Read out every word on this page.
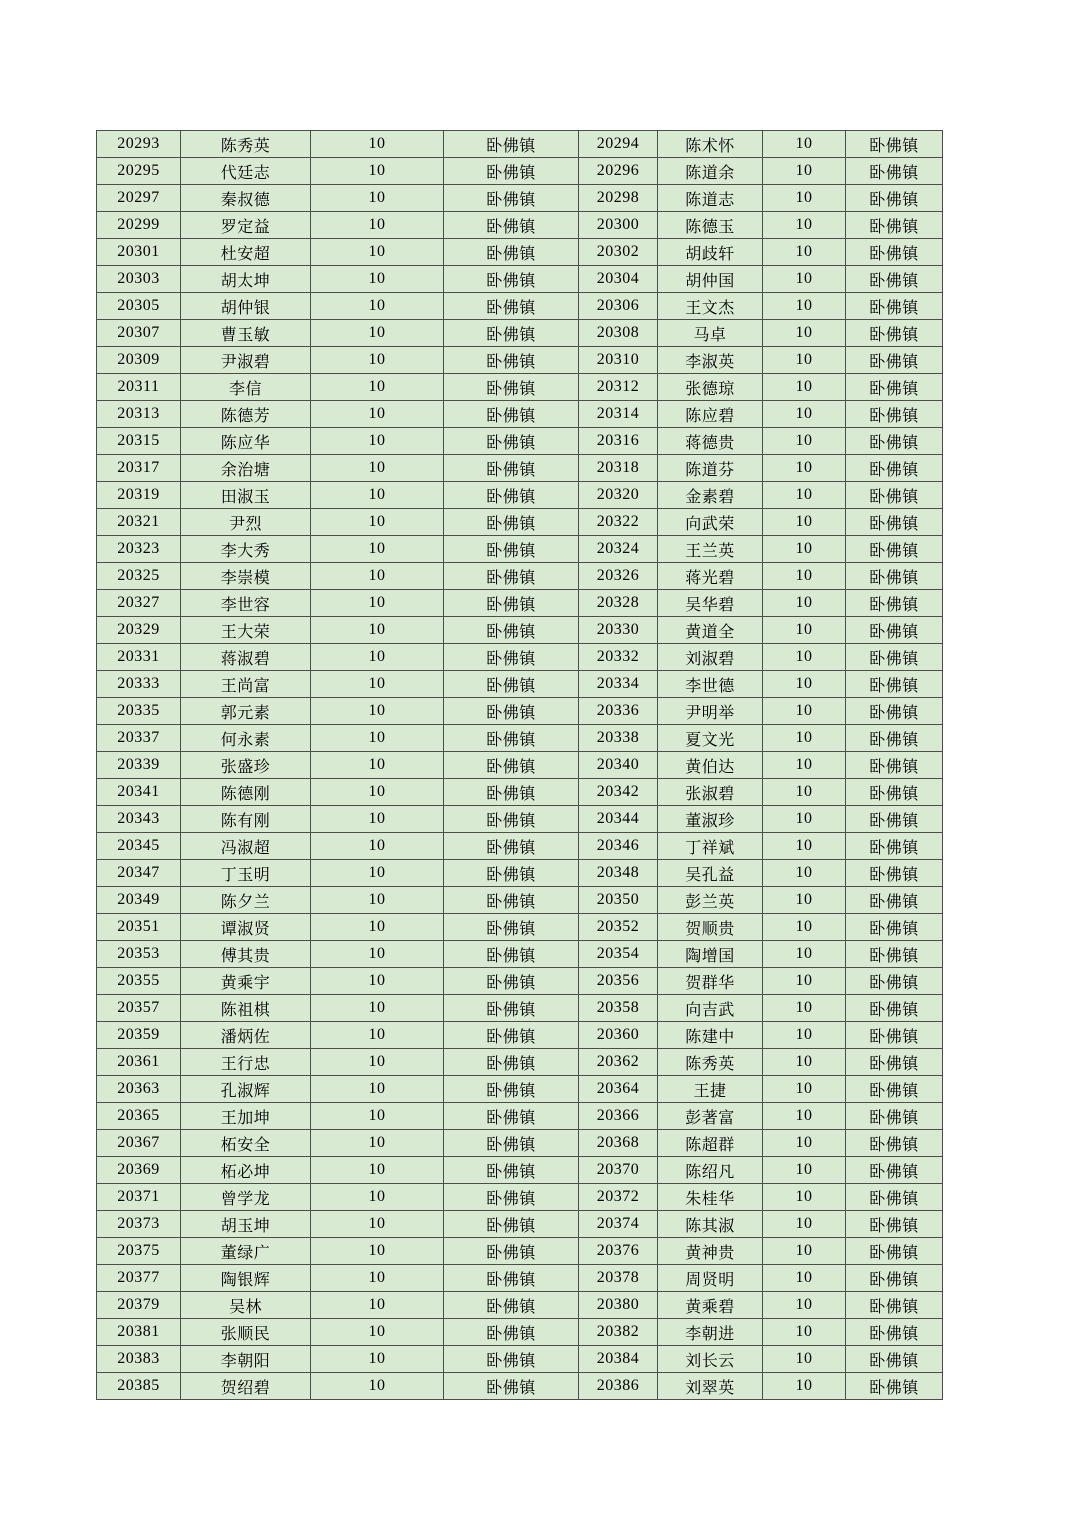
20293	陈秀英	10	卧佛镇	20294	陈术怀	10	卧佛镇
20295	代廷志	10	卧佛镇	20296	陈道余	10	卧佛镇
20297	秦叔德	10	卧佛镇	20298	陈道志	10	卧佛镇
20299	罗定益	10	卧佛镇	20300	陈德玉	10	卧佛镇
20301	杜安超	10	卧佛镇	20302	胡歧轩	10	卧佛镇
20303	胡太坤	10	卧佛镇	20304	胡仲国	10	卧佛镇
20305	胡仲银	10	卧佛镇	20306	王文杰	10	卧佛镇
20307	曹玉敏	10	卧佛镇	20308	马卓	10	卧佛镇
20309	尹淑碧	10	卧佛镇	20310	李淑英	10	卧佛镇
20311	李信	10	卧佛镇	20312	张德琼	10	卧佛镇
20313	陈德芳	10	卧佛镇	20314	陈应碧	10	卧佛镇
20315	陈应华	10	卧佛镇	20316	蒋德贵	10	卧佛镇
20317	余治塘	10	卧佛镇	20318	陈道芬	10	卧佛镇
20319	田淑玉	10	卧佛镇	20320	金素碧	10	卧佛镇
20321	尹烈	10	卧佛镇	20322	向武荣	10	卧佛镇
20323	李大秀	10	卧佛镇	20324	王兰英	10	卧佛镇
20325	李崇模	10	卧佛镇	20326	蒋光碧	10	卧佛镇
20327	李世容	10	卧佛镇	20328	吴华碧	10	卧佛镇
20329	王大荣	10	卧佛镇	20330	黄道全	10	卧佛镇
20331	蒋淑碧	10	卧佛镇	20332	刘淑碧	10	卧佛镇
20333	王尚富	10	卧佛镇	20334	李世德	10	卧佛镇
20335	郭元素	10	卧佛镇	20336	尹明举	10	卧佛镇
20337	何永素	10	卧佛镇	20338	夏文光	10	卧佛镇
20339	张盛珍	10	卧佛镇	20340	黄伯达	10	卧佛镇
20341	陈德刚	10	卧佛镇	20342	张淑碧	10	卧佛镇
20343	陈有刚	10	卧佛镇	20344	董淑珍	10	卧佛镇
20345	冯淑超	10	卧佛镇	20346	丁祥斌	10	卧佛镇
20347	丁玉明	10	卧佛镇	20348	吴孔益	10	卧佛镇
20349	陈夕兰	10	卧佛镇	20350	彭兰英	10	卧佛镇
20351	谭淑贤	10	卧佛镇	20352	贺顺贵	10	卧佛镇
20353	傅其贵	10	卧佛镇	20354	陶增国	10	卧佛镇
20355	黄乘宇	10	卧佛镇	20356	贺群华	10	卧佛镇
20357	陈祖棋	10	卧佛镇	20358	向吉武	10	卧佛镇
20359	潘炳佐	10	卧佛镇	20360	陈建中	10	卧佛镇
20361	王行忠	10	卧佛镇	20362	陈秀英	10	卧佛镇
20363	孔淑辉	10	卧佛镇	20364	王捷	10	卧佛镇
20365	王加坤	10	卧佛镇	20366	彭著富	10	卧佛镇
20367	柘安全	10	卧佛镇	20368	陈超群	10	卧佛镇
20369	柘必坤	10	卧佛镇	20370	陈绍凡	10	卧佛镇
20371	曾学龙	10	卧佛镇	20372	朱桂华	10	卧佛镇
20373	胡玉坤	10	卧佛镇	20374	陈其淑	10	卧佛镇
20375	董绿广	10	卧佛镇	20376	黄神贵	10	卧佛镇
20377	陶银辉	10	卧佛镇	20378	周贤明	10	卧佛镇
20379	吴林	10	卧佛镇	20380	黄乘碧	10	卧佛镇
20381	张顺民	10	卧佛镇	20382	李朝进	10	卧佛镇
20383	李朝阳	10	卧佛镇	20384	刘长云	10	卧佛镇
20385	贺绍碧	10	卧佛镇	20386	刘翠英	10	卧佛镇
